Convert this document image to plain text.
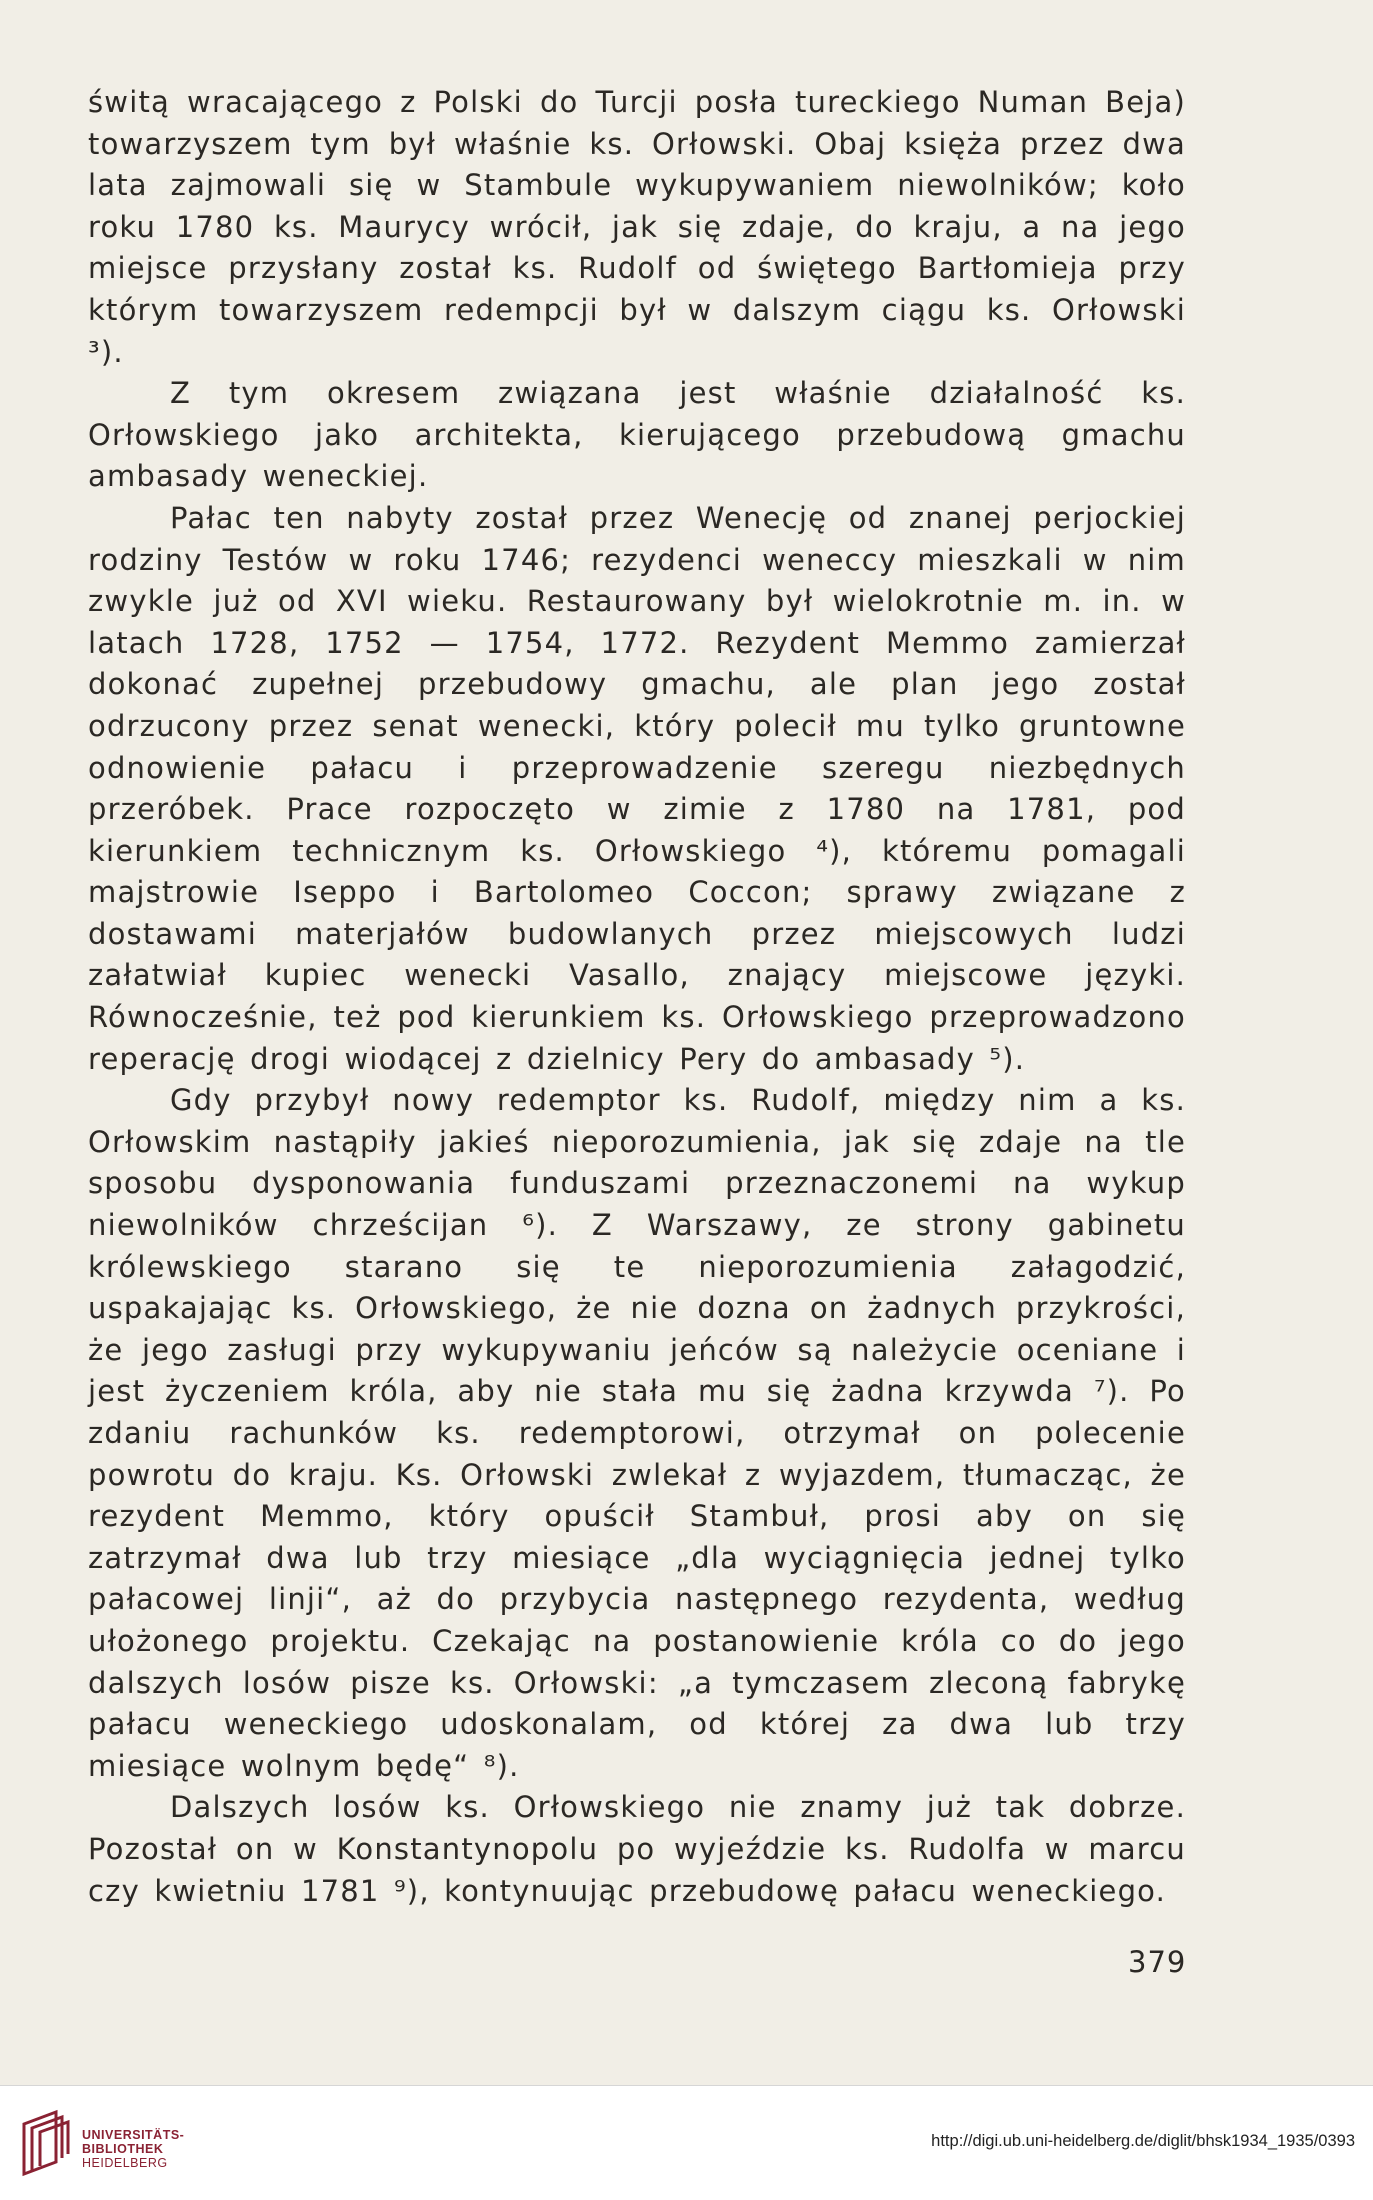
świtą wracającego z Polski do Turcji posła tureckiego Numan Beja) towarzyszem tym był właśnie ks. Orłowski. Obaj księża przez dwa lata zajmowali się w Stambule wykupywaniem niewolników; koło roku 1780 ks. Maurycy wrócił, jak się zdaje, do kraju, a na jego miejsce przysłany został ks. Rudolf od świętego Bartłomieja przy którym towarzyszem redempcji był w dalszym ciągu ks. Orłowski ³).

Z tym okresem związana jest właśnie działalność ks. Orłowskiego jako architekta, kierującego przebudową gmachu ambasady weneckiej.

Pałac ten nabyty został przez Wenecję od znanej perjockiej rodziny Testów w roku 1746; rezydenci weneccy mieszkali w nim zwykle już od XVI wieku. Restaurowany był wielokrotnie m. in. w latach 1728, 1752 — 1754, 1772. Rezydent Memmo zamierzał dokonać zupełnej przebudowy gmachu, ale plan jego został odrzucony przez senat wenecki, który polecił mu tylko gruntowne odnowienie pałacu i przeprowadzenie szeregu niezbędnych przeróbek. Prace rozpoczęto w zimie z 1780 na 1781, pod kierunkiem technicznym ks. Orłowskiego ⁴), któremu pomagali majstrowie Iseppo i Bartolomeo Coccon; sprawy związane z dostawami materjałów budowlanych przez miejscowych ludzi załatwiał kupiec wenecki Vasallo, znający miejscowe języki. Równocześnie, też pod kierunkiem ks. Orłowskiego przeprowadzono reperację drogi wiodącej z dzielnicy Pery do ambasady ⁵).

Gdy przybył nowy redemptor ks. Rudolf, między nim a ks. Orłowskim nastąpiły jakieś nieporozumienia, jak się zdaje na tle sposobu dysponowania funduszami przeznaczonemi na wykup niewolników chrześcijan ⁶). Z Warszawy, ze strony gabinetu królewskiego starano się te nieporozumienia załagodzić, uspakajając ks. Orłowskiego, że nie dozna on żadnych przykrości, że jego zasługi przy wykupywaniu jeńców są należycie oceniane i jest życzeniem króla, aby nie stała mu się żadna krzywda ⁷). Po zdaniu rachunków ks. redemptorowi, otrzymał on polecenie powrotu do kraju. Ks. Orłowski zwlekał z wyjazdem, tłumacząc, że rezydent Memmo, który opuścił Stambuł, prosi aby on się zatrzymał dwa lub trzy miesiące „dla wyciągnięcia jednej tylko pałacowej linji“, aż do przybycia następnego rezydenta, według ułożonego projektu. Czekając na postanowienie króla co do jego dalszych losów pisze ks. Orłowski: „a tymczasem zleconą fabrykę pałacu weneckiego udoskonalam, od której za dwa lub trzy miesiące wolnym będę“ ⁸).

Dalszych losów ks. Orłowskiego nie znamy już tak dobrze. Pozostał on w Konstantynopolu po wyjeździe ks. Rudolfa w marcu czy kwietniu 1781 ⁹), kontynuując przebudowę pałacu weneckiego.

379
UNIVERSITÄTS-
BIBLIOTHEK
HEIDELBERG
http://digi.ub.uni-heidelberg.de/diglit/bhsk1934_1935/0393
